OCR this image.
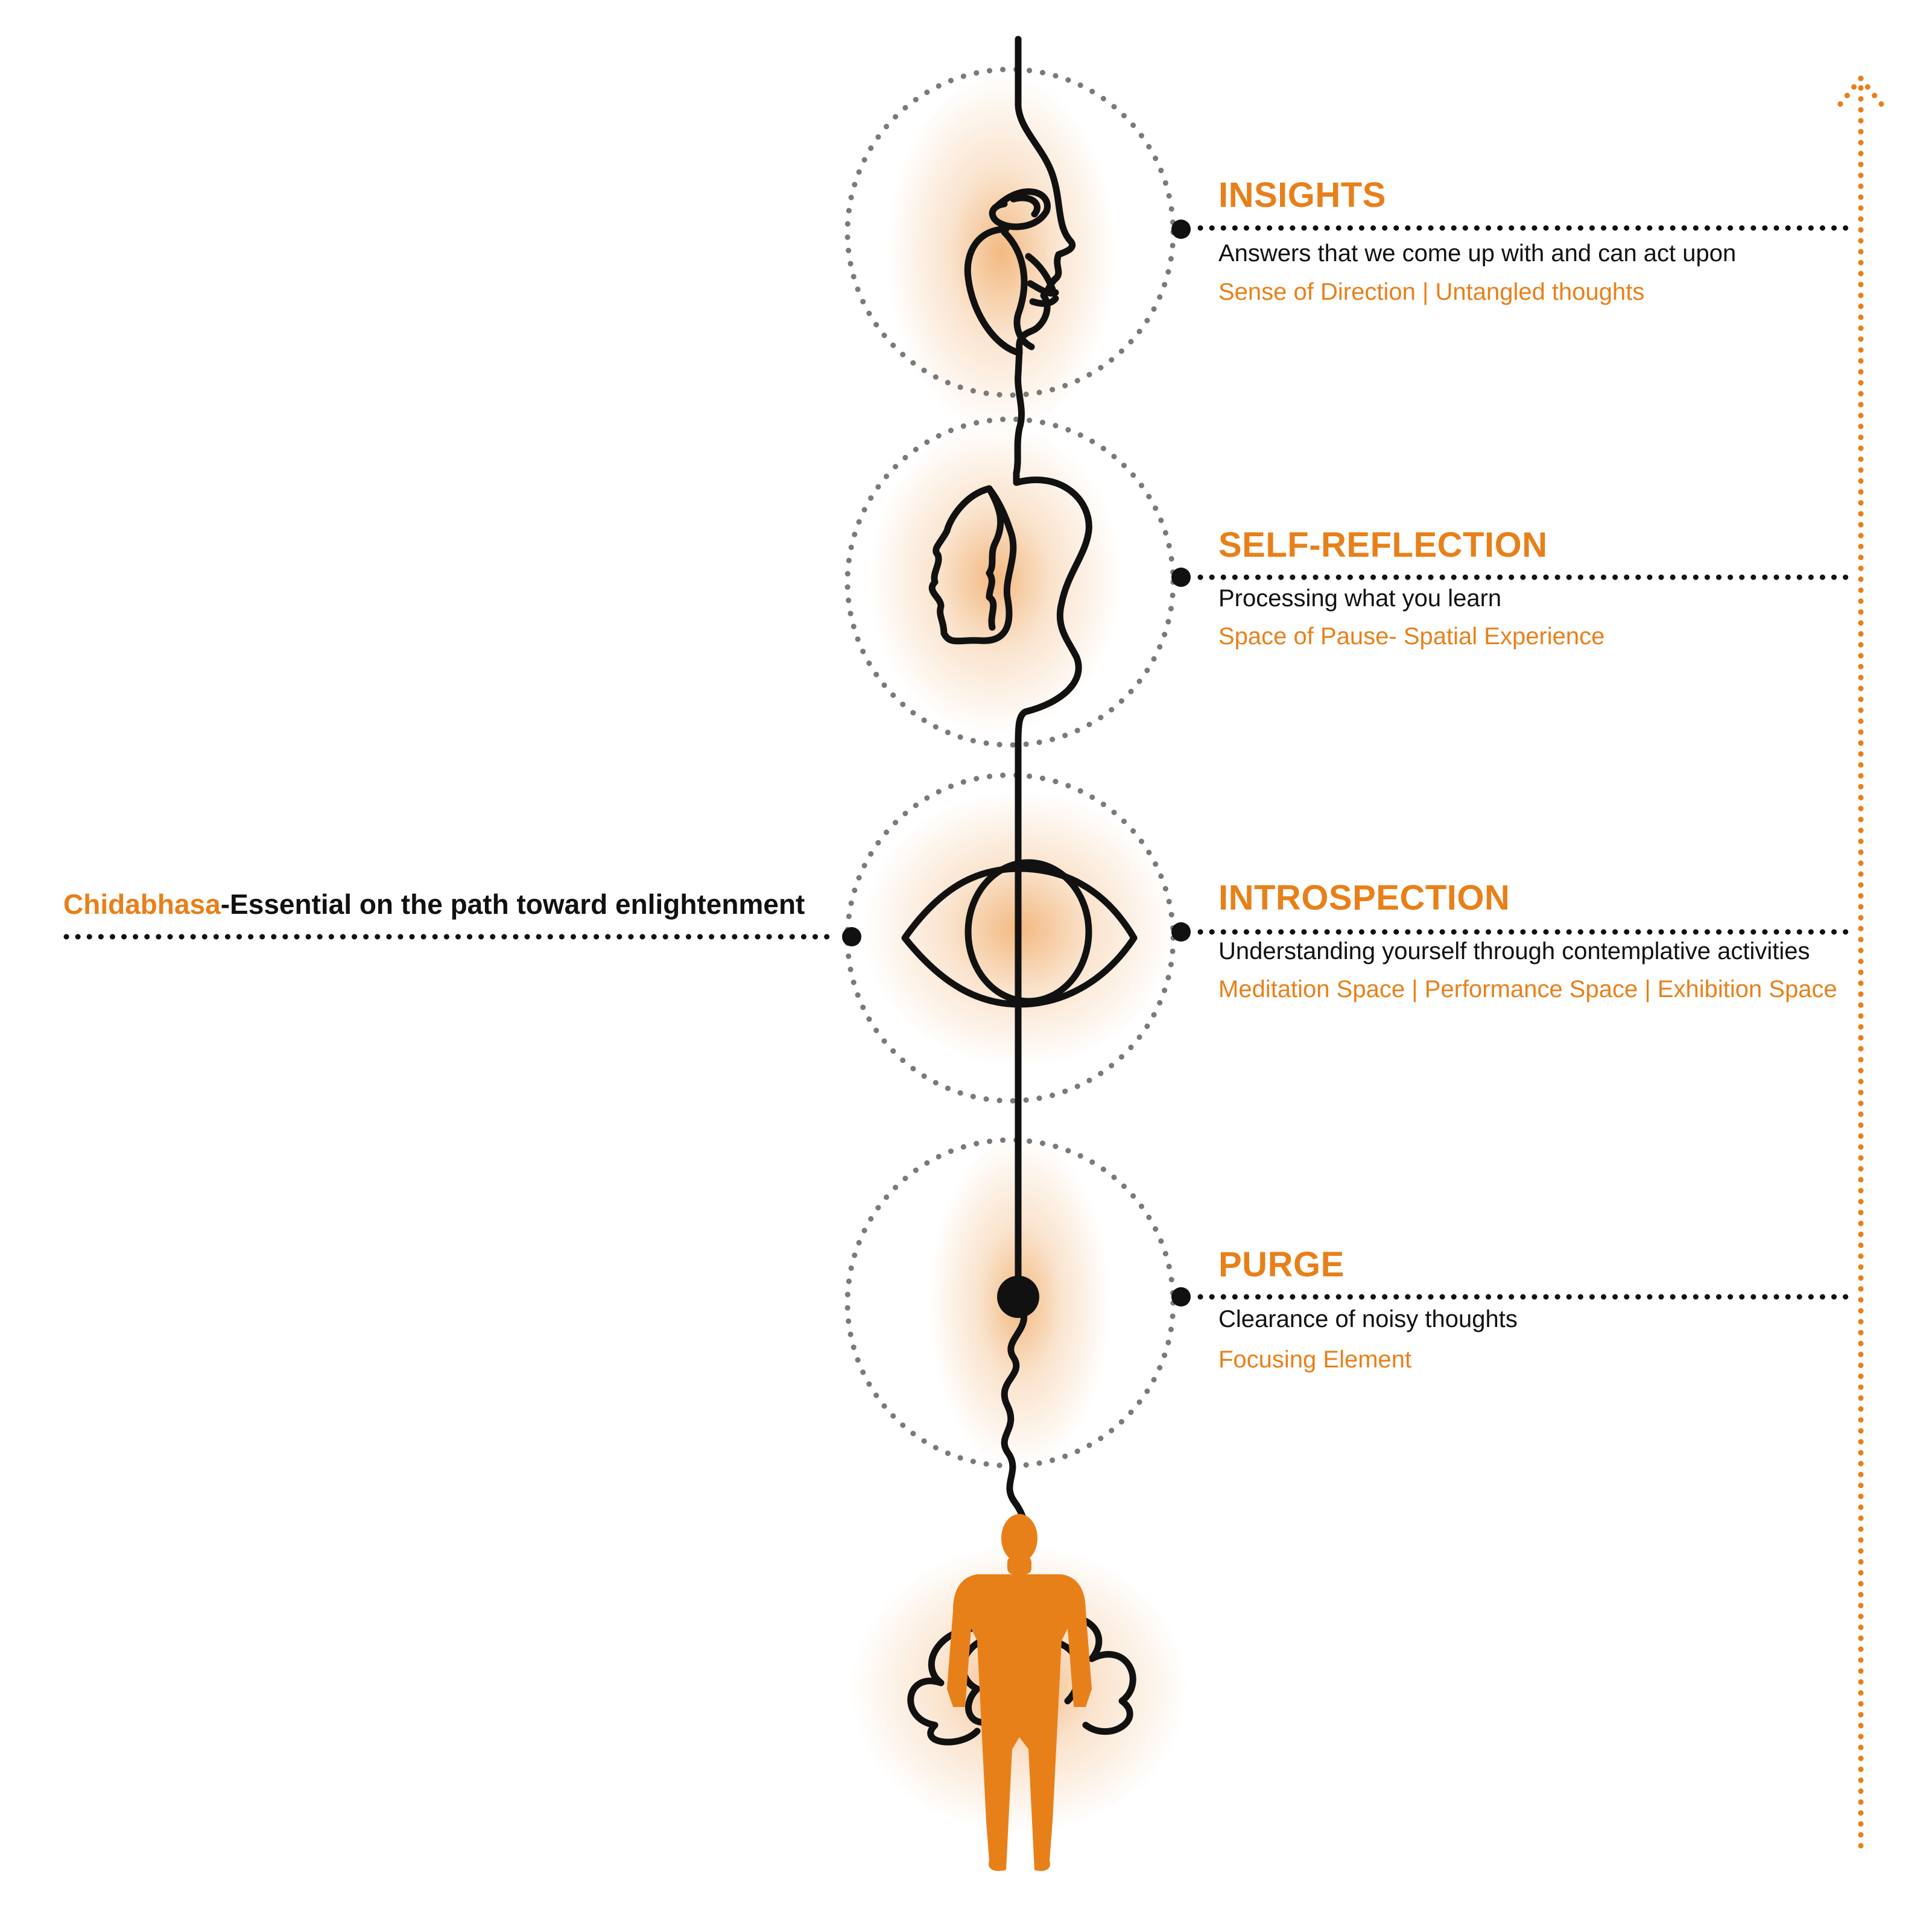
Chidabhasa-Essential on the path toward enlightenment
INSIGHTS
Answers that we come up with and can act upon
Sense of Direction | Untangled thoughts
SELF-REFLECTION
Processing what you learn
Space of Pause- Spatial Experience
INTROSPECTION
Understanding yourself through contemplative activities
Meditation Space | Performance Space | Exhibition Space
PURGE
Clearance of noisy thoughts
Focusing Element
